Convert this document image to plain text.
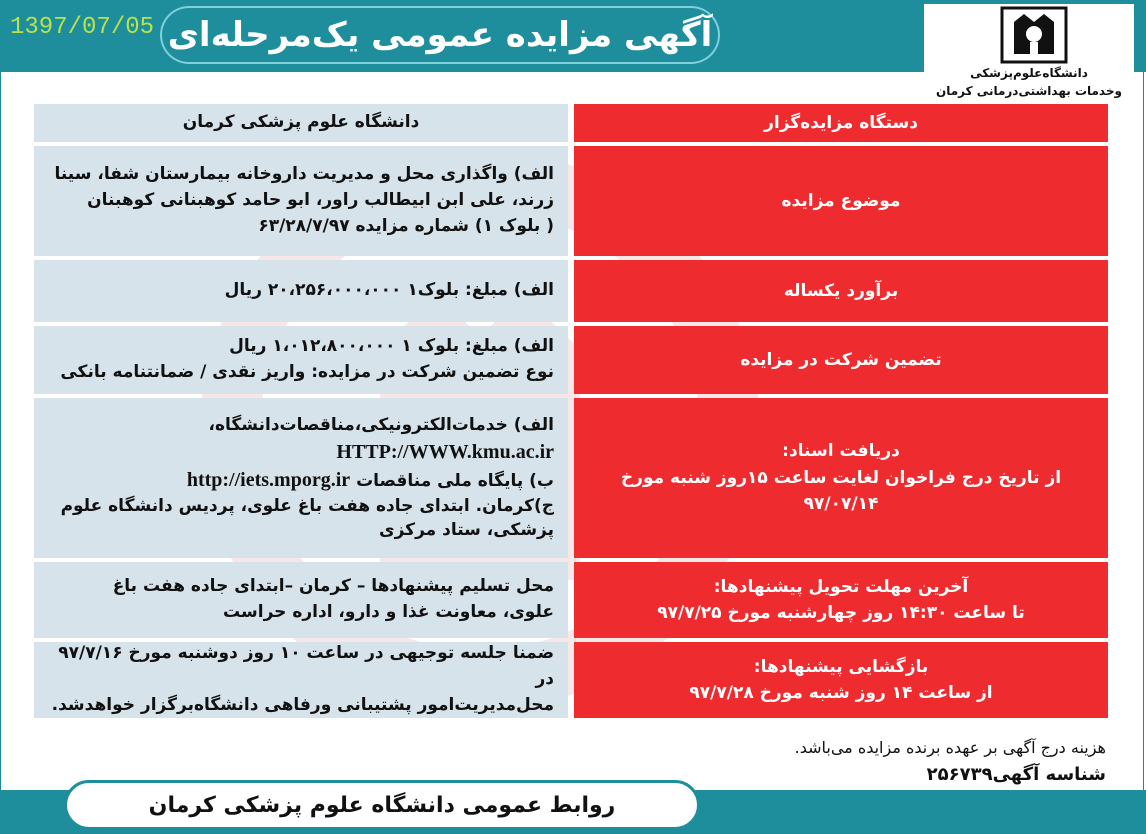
آگهی مزایده عمومی یک‌مرحله‌ای
1397/07/05
دانشگاه‌علوم‌پزشکی
وخدمات بهداشتی‌درمانی کرمان
دستگاه مزایده‌گزار
دانشگاه علوم پزشکی کرمان
موضوع مزایده
الف) واگذاری محل و مدیریت داروخانه بیمارستان شفا، سینا
زرند، علی ابن ابیطالب راور، ابو حامد کوهبنانی کوهبنان
( بلوک ۱) شماره مزایده ۶۳/۲۸/۷/۹۷
برآورد یکساله
الف) مبلغ: بلوک۱ ۲۰،۲۵۶،۰۰۰،۰۰۰ ریال
تضمین شرکت در مزایده
الف) مبلغ: بلوک ۱ ۱،۰۱۲،۸۰۰،۰۰۰ ریال
نوع تضمین شرکت در مزایده: واریز نقدی / ضمانتنامه بانکی
دریافت اسناد:
از تاریخ درج فراخوان لغایت ساعت ۱۵روز شنبه مورخ
۹۷/۰۷/۱۴
الف) خدمات‌الکترونیکی،مناقصات‌دانشگاه،
HTTP://WWW.kmu.ac.ir
ب) پایگاه ملی مناقصات http://iets.mporg.ir
ج)کرمان. ابتدای جاده هفت باغ علوی، پردیس دانشگاه علوم
پزشکی، ستاد مرکزی
آخرین مهلت تحویل پیشنهادها:
تا ساعت ۱۴:۳۰ روز چهارشنبه مورخ ۹۷/۷/۲۵
محل تسلیم پیشنهادها – کرمان –ابتدای جاده هفت باغ
علوی، معاونت غذا و دارو، اداره حراست
بازگشایی پیشنهادها:
از ساعت ۱۴ روز شنبه مورخ ۹۷/۷/۲۸
ضمنا جلسه توجیهی در ساعت ۱۰ روز دوشنبه مورخ ۹۷/۷/۱۶ در
محل‌مدیریت‌امور پشتیبانی ورفاهی دانشگاه‌برگزار خواهد‌شد.
هزینه درج آگهی بر عهده برنده مزایده می‌باشد.
شناسه آگهی۲۵۶۷۳۹
روابط عمومی دانشگاه علوم پزشکی کرمان
